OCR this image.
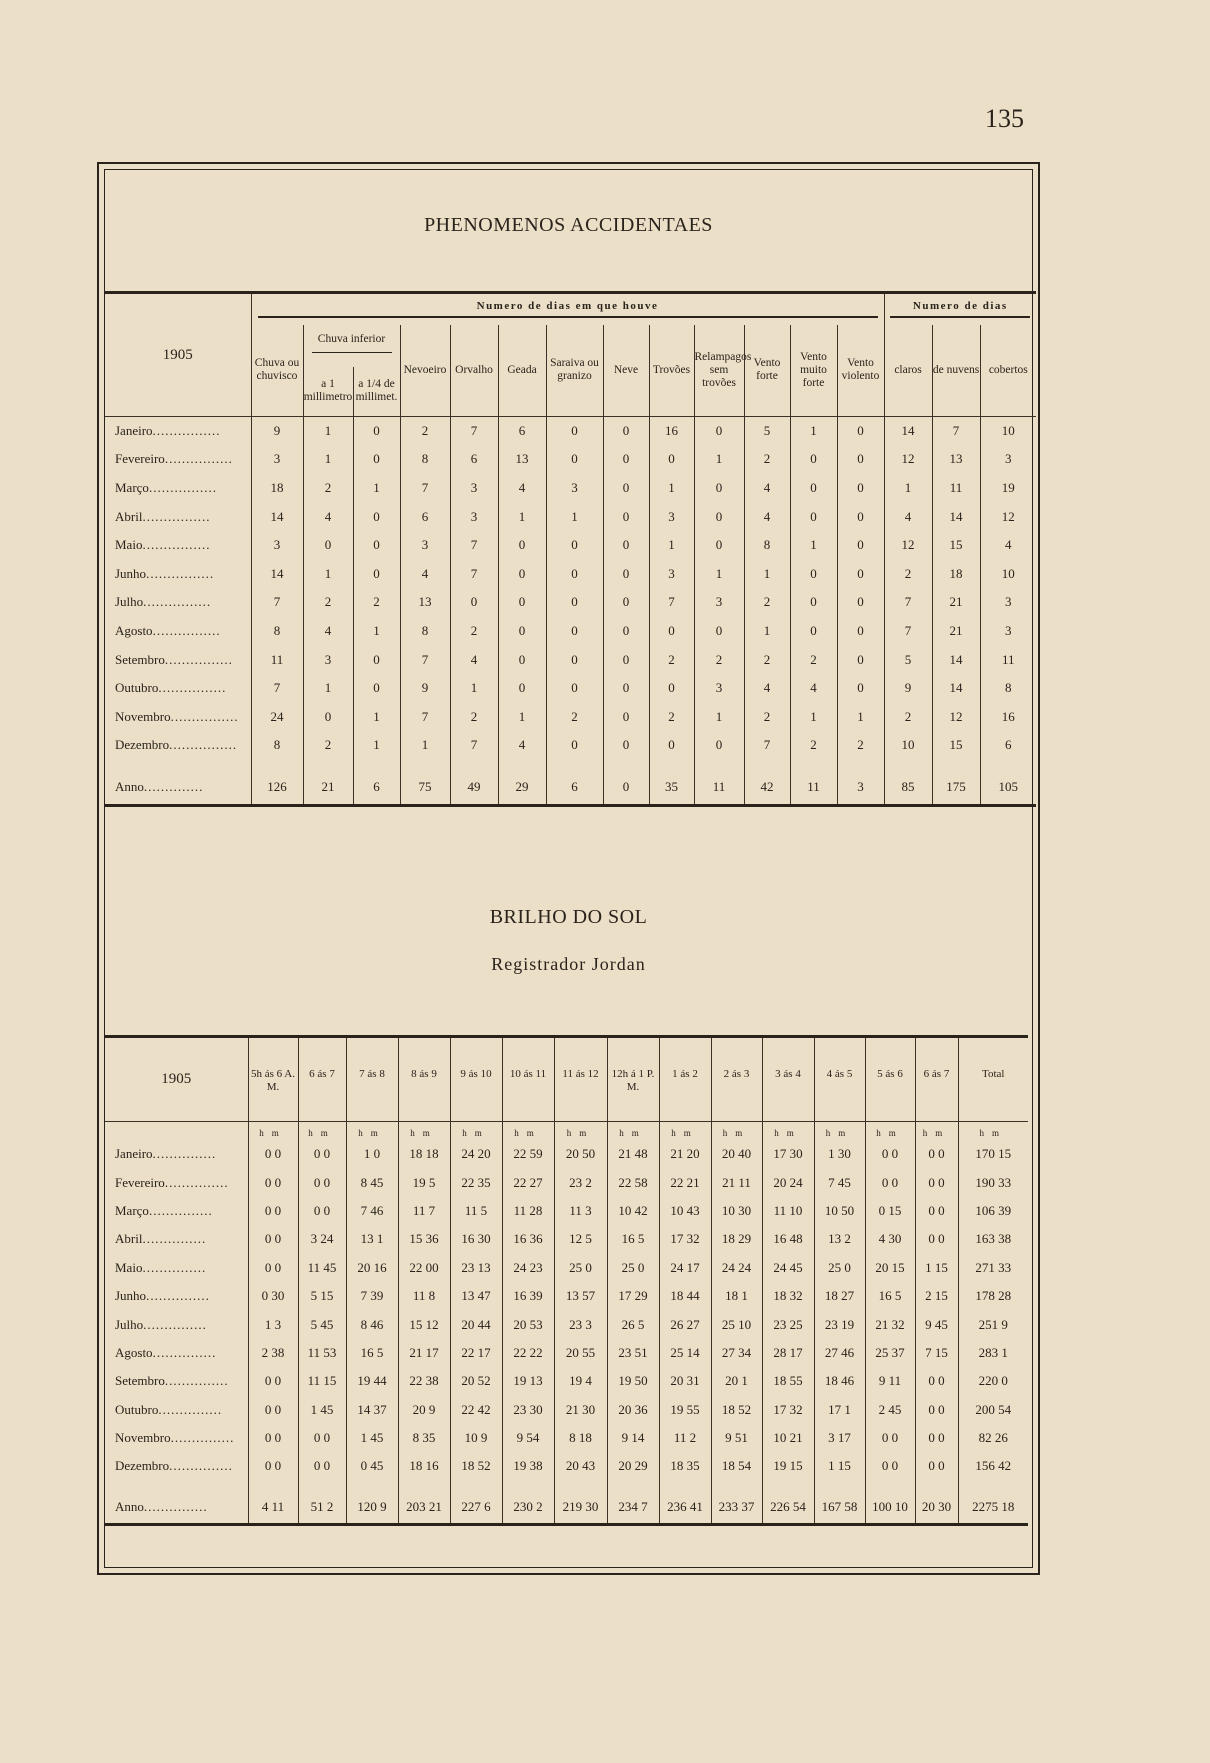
135
PHENOMENOS ACCIDENTAES
1905	Numero de dias em que houve													Numero de dias		
	Chuva ou chuvisco	Chuva inferior		Nevoeiro	Orvalho	Geada	Saraiva ou granizo	Neve	Trovões	Relampagos sem trovões	Vento forte	Vento muito forte	Vento violento	claros	de nuvens	cobertos
		a 1 millimetro	a 1/4 de millimet.													
Janeiro................	9	1	0	2	7	6	0	0	16	0	5	1	0	14	7	10
Fevereiro................	3	1	0	8	6	13	0	0	0	1	2	0	0	12	13	3
Março................	18	2	1	7	3	4	3	0	1	0	4	0	0	1	11	19
Abril................	14	4	0	6	3	1	1	0	3	0	4	0	0	4	14	12
Maio................	3	0	0	3	7	0	0	0	1	0	8	1	0	12	15	4
Junho................	14	1	0	4	7	0	0	0	3	1	1	0	0	2	18	10
Julho................	7	2	2	13	0	0	0	0	7	3	2	0	0	7	21	3
Agosto................	8	4	1	8	2	0	0	0	0	0	1	0	0	7	21	3
Setembro................	11	3	0	7	4	0	0	0	2	2	2	2	0	5	14	11
Outubro................	7	1	0	9	1	0	0	0	0	3	4	4	0	9	14	8
Novembro................	24	0	1	7	2	1	2	0	2	1	2	1	1	2	12	16
Dezembro................	8	2	1	1	7	4	0	0	0	0	7	2	2	10	15	6

Anno..............	126	21	6	75	49	29	6	0	35	11	42	11	3	85	175	105
BRILHO DO SOL
Registrador Jordan
1905	5h ás 6 A. M.	6 ás 7	7 ás 8	8 ás 9	9 ás 10	10 ás 11	11 ás 12	12h á 1 P. M.	1 ás 2	2 ás 3	3 ás 4	4 ás 5	5 ás 6	6 ás 7	Total
	hm	hm	hm	hm	hm	hm	hm	hm	hm	hm	hm	hm	hm	hm	hm
Janeiro...............	0 0	0 0	1 0	18 18	24 20	22 59	20 50	21 48	21 20	20 40	17 30	1 30	0 0	0 0	170 15
Fevereiro...............	0 0	0 0	8 45	19 5	22 35	22 27	23 2	22 58	22 21	21 11	20 24	7 45	0 0	0 0	190 33
Março...............	0 0	0 0	7 46	11 7	11 5	11 28	11 3	10 42	10 43	10 30	11 10	10 50	0 15	0 0	106 39
Abril...............	0 0	3 24	13 1	15 36	16 30	16 36	12 5	16 5	17 32	18 29	16 48	13 2	4 30	0 0	163 38
Maio...............	0 0	11 45	20 16	22 00	23 13	24 23	25 0	25 0	24 17	24 24	24 45	25 0	20 15	1 15	271 33
Junho...............	0 30	5 15	7 39	11 8	13 47	16 39	13 57	17 29	18 44	18 1	18 32	18 27	16 5	2 15	178 28
Julho...............	1 3	5 45	8 46	15 12	20 44	20 53	23 3	26 5	26 27	25 10	23 25	23 19	21 32	9 45	251 9
Agosto...............	2 38	11 53	16 5	21 17	22 17	22 22	20 55	23 51	25 14	27 34	28 17	27 46	25 37	7 15	283 1
Setembro...............	0 0	11 15	19 44	22 38	20 52	19 13	19 4	19 50	20 31	20 1	18 55	18 46	9 11	0 0	220 0
Outubro...............	0 0	1 45	14 37	20 9	22 42	23 30	21 30	20 36	19 55	18 52	17 32	17 1	2 45	0 0	200 54
Novembro...............	0 0	0 0	1 45	8 35	10 9	9 54	8 18	9 14	11 2	9 51	10 21	3 17	0 0	0 0	82 26
Dezembro...............	0 0	0 0	0 45	18 16	18 52	19 38	20 43	20 29	18 35	18 54	19 15	1 15	0 0	0 0	156 42

Anno...............	4 11	51 2	120 9	203 21	227 6	230 2	219 30	234 7	236 41	233 37	226 54	167 58	100 10	20 30	2275 18
